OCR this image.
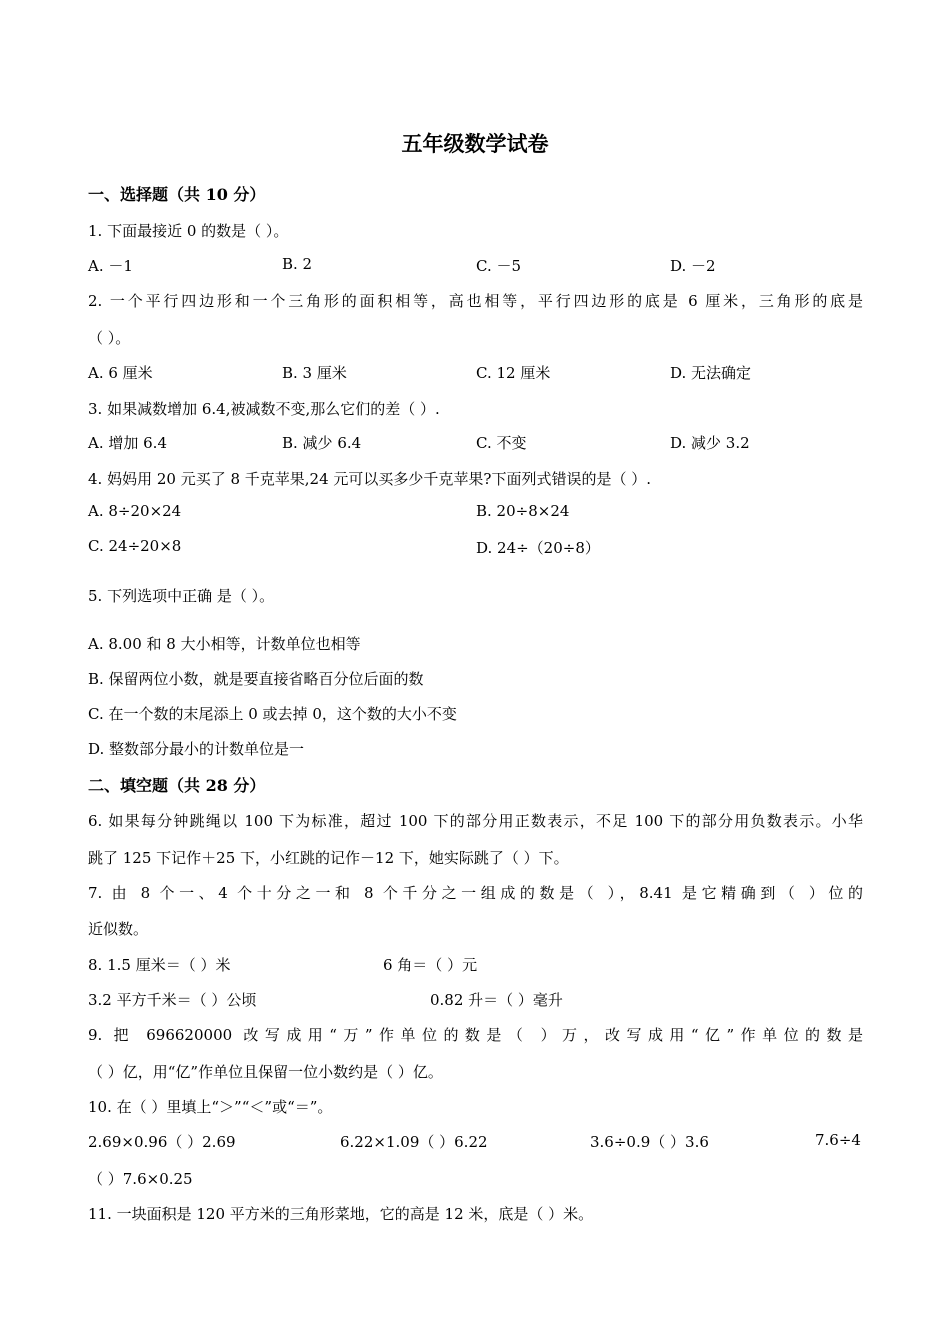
五年级数学试卷
一、选择题（共 10 分）
1. 下面最接近 0 的数是（ ）。
A. －1	B. 2	C. －5	D. －2
2. 一个平行四边形和一个三角形的面积相等，高也相等，平行四边形的底是 6 厘米，三角形的底是
（ ）。
A. 6 厘米	B. 3 厘米	C. 12 厘米	D. 无法确定
3. 如果减数增加 6.4,被减数不变,那么它们的差（ ）.
A. 增加 6.4	B. 减少 6.4	C. 不变	D. 减少 3.2
4. 妈妈用 20 元买了 8 千克苹果,24 元可以买多少千克苹果?下面列式错误的是（ ）.
A. 8÷20×24	B. 20÷8×24
C. 24÷20×8	D. 24÷（20÷8）
5. 下列选项中正确 是（ ）。
A. 8.00 和 8 大小相等，计数单位也相等
B. 保留两位小数，就是要直接省略百分位后面的数
C. 在一个数的末尾添上 0 或去掉 0，这个数的大小不变
D. 整数部分最小的计数单位是一
二、填空题（共 28 分）
6. 如果每分钟跳绳以 100 下为标准，超过 100 下的部分用正数表示，不足 100 下的部分用负数表示。小华
跳了 125 下记作＋25 下，小红跳的记作－12 下，她实际跳了（ ）下。
7. 由 8 个一、4 个十分之一和 8 个千分之一组成的数是（ ），8.41 是它精确到（ ）位的
近似数。
8. 1.5 厘米＝（ ）米	6 角＝（ ）元
3.2 平方千米＝（ ）公顷	0.82 升＝（ ）毫升
9. 把 696620000 改写成用“万”作单位的数是（ ）万，改写成用“亿”作单位的数是
（ ）亿，用“亿”作单位且保留一位小数约是（ ）亿。
10. 在（ ）里填上“＞”“＜”或“＝”。
2.69×0.96（ ）2.69	6.22×1.09（ ）6.22	3.6÷0.9（ ）3.6	7.6÷4
（ ）7.6×0.25
11. 一块面积是 120 平方米的三角形菜地，它的高是 12 米，底是（ ）米。
